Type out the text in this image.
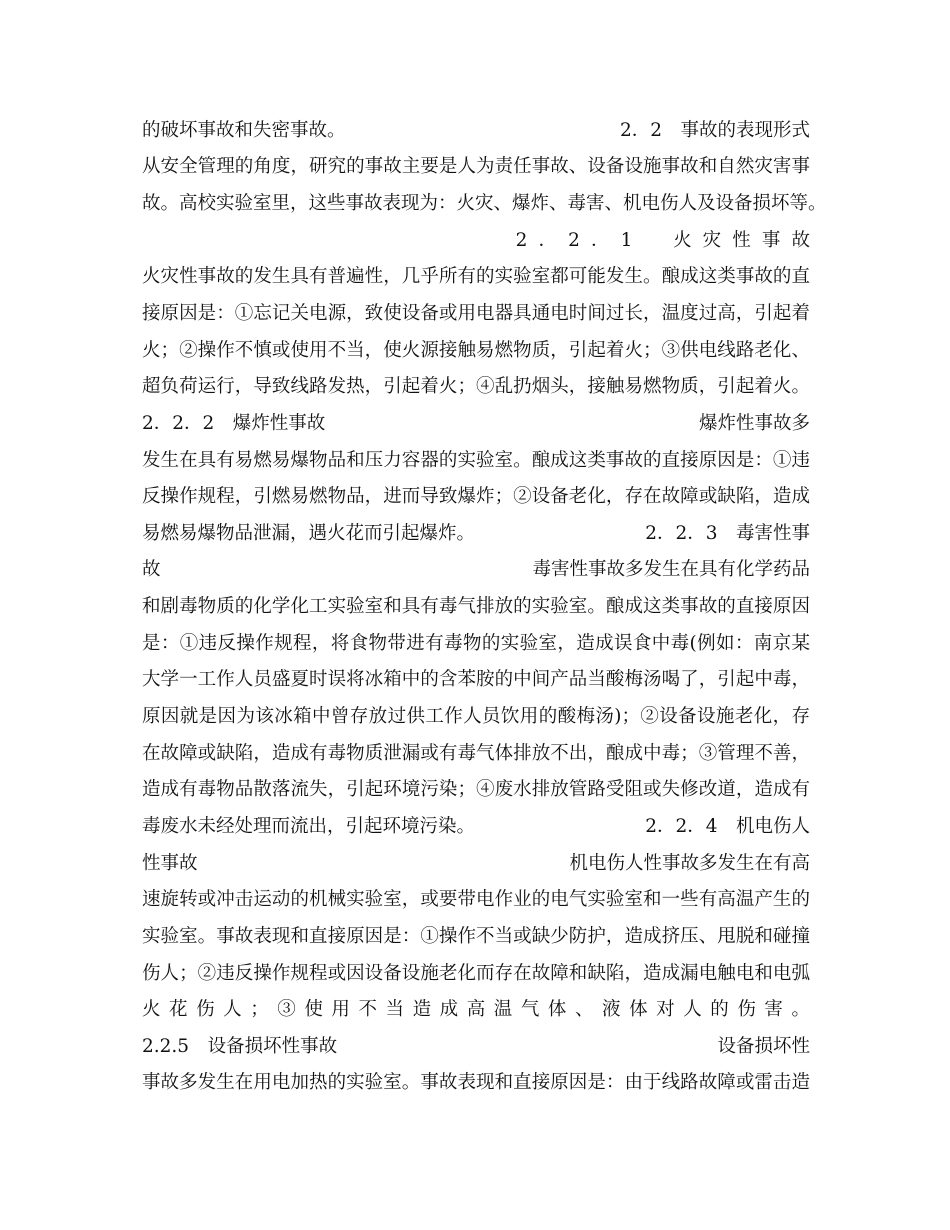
的破坏事故和失密事故。	2．2　事故的表现形式
从安全管理的角度，研究的事故主要是人为责任事故、设备设施事故和自然灾害事
故。高校实验室里，这些事故表现为：火灾、爆炸、毒害、机电伤人及设备损坏等。
2．2．1　火灾性事故
火灾性事故的发生具有普遍性，几乎所有的实验室都可能发生。酿成这类事故的直
接原因是：①忘记关电源，致使设备或用电器具通电时间过长，温度过高，引起着
火；②操作不慎或使用不当，使火源接触易燃物质，引起着火；③供电线路老化、
超负荷运行，导致线路发热，引起着火；④乱扔烟头，接触易燃物质，引起着火。
2．2．2　爆炸性事故	爆炸性事故多
发生在具有易燃易爆物品和压力容器的实验室。酿成这类事故的直接原因是：①违
反操作规程，引燃易燃物品，进而导致爆炸；②设备老化，存在故障或缺陷，造成
易燃易爆物品泄漏，遇火花而引起爆炸。	2．2．3　毒害性事
故	毒害性事故多发生在具有化学药品
和剧毒物质的化学化工实验室和具有毒气排放的实验室。酿成这类事故的直接原因
是：①违反操作规程，将食物带进有毒物的实验室，造成误食中毒(例如：南京某
大学一工作人员盛夏时误将冰箱中的含苯胺的中间产品当酸梅汤喝了，引起中毒，
原因就是因为该冰箱中曾存放过供工作人员饮用的酸梅汤)；②设备设施老化，存
在故障或缺陷，造成有毒物质泄漏或有毒气体排放不出，酿成中毒；③管理不善，
造成有毒物品散落流失，引起环境污染；④废水排放管路受阻或失修改道，造成有
毒废水未经处理而流出，引起环境污染。	2．2．4　机电伤人
性事故	机电伤人性事故多发生在有高
速旋转或冲击运动的机械实验室，或要带电作业的电气实验室和一些有高温产生的
实验室。事故表现和直接原因是：①操作不当或缺少防护，造成挤压、甩脱和碰撞
伤人；②违反操作规程或因设备设施老化而存在故障和缺陷，造成漏电触电和电弧
火花伤人；③使用不当造成高温气体、液体对人的伤害。
2.2.5　设备损坏性事故	设备损坏性
事故多发生在用电加热的实验室。事故表现和直接原因是：由于线路故障或雷击造
